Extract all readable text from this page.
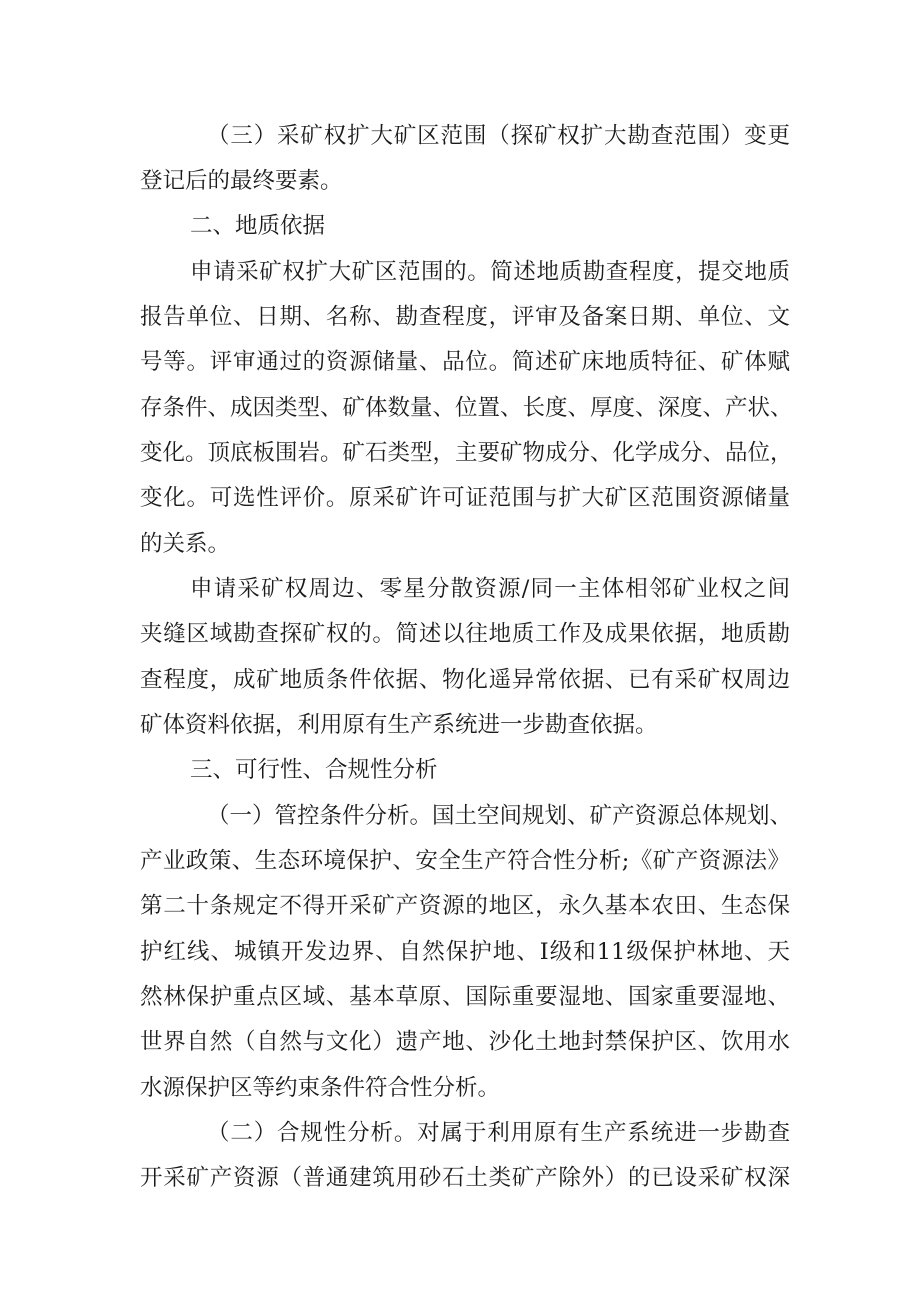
（三）采矿权扩大矿区范围（探矿权扩大勘查范围）变更
登记后的最终要素。
二、地质依据
申请采矿权扩大矿区范围的。简述地质勘查程度，提交地质
报告单位、日期、名称、勘查程度，评审及备案日期、单位、文
号等。评审通过的资源储量、品位。简述矿床地质特征、矿体赋
存条件、成因类型、矿体数量、位置、长度、厚度、深度、产状、
变化。顶底板围岩。矿石类型，主要矿物成分、化学成分、品位，
变化。可选性评价。原采矿许可证范围与扩大矿区范围资源储量
的关系。
申请采矿权周边、零星分散资源/同一主体相邻矿业权之间
夹缝区域勘查探矿权的。简述以往地质工作及成果依据，地质勘
查程度，成矿地质条件依据、物化遥异常依据、已有采矿权周边
矿体资料依据，利用原有生产系统进一步勘查依据。
三、可行性、合规性分析
（一）管控条件分析。国土空间规划、矿产资源总体规划、
产业政策、生态环境保护、安全生产符合性分析;《矿产资源法》
第二十条规定不得开采矿产资源的地区，永久基本农田、生态保
护红线、城镇开发边界、自然保护地、I级和11级保护林地、天
然林保护重点区域、基本草原、国际重要湿地、国家重要湿地、
世界自然（自然与文化）遗产地、沙化土地封禁保护区、饮用水
水源保护区等约束条件符合性分析。
（二）合规性分析。对属于利用原有生产系统进一步勘查
开采矿产资源（普通建筑用砂石土类矿产除外）的已设采矿权深
